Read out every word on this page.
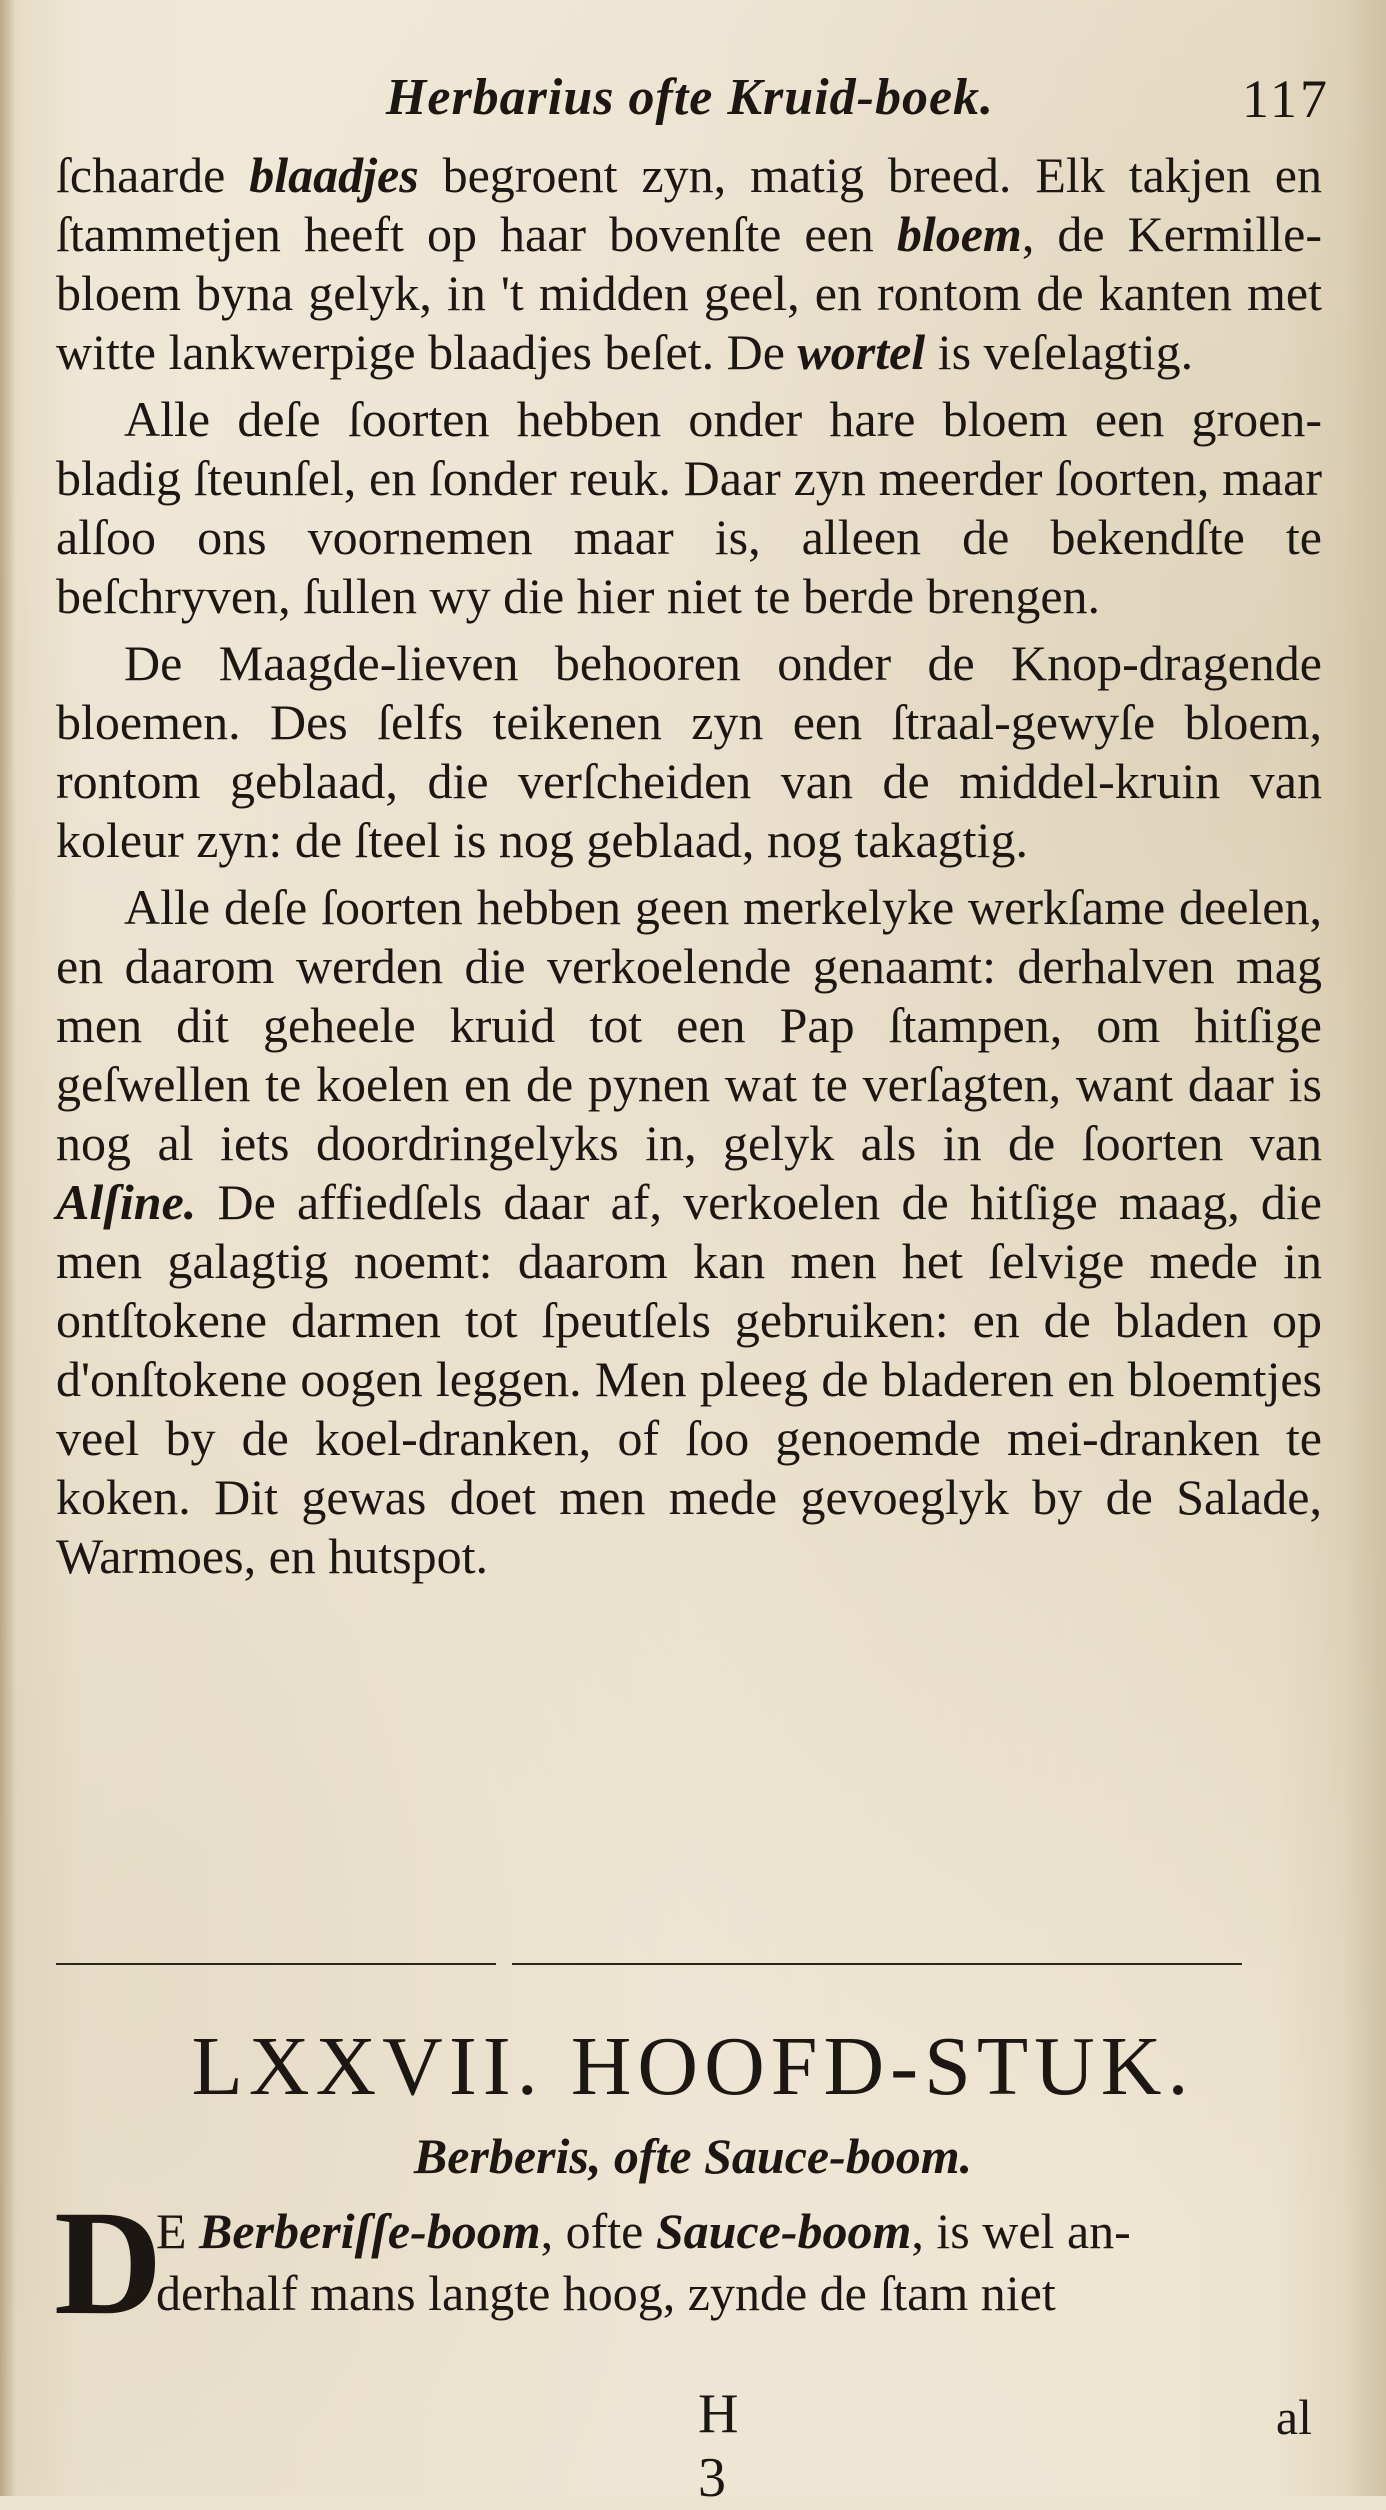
Herbarius ofte Kruid-boek.	117

ſchaarde blaadjes begroent zyn, matig breed. Elk takjen en ſtammetjen heeft op haar bovenſte een bloem, de Kermille-bloem byna gelyk, in 't midden geel, en rontom de kanten met witte lankwerpige blaadjes beſet. De wortel is veſelagtig.

Alle deſe ſoorten hebben onder hare bloem een groen-bladig ſteunſel, en ſonder reuk. Daar zyn meerder ſoorten, maar alſoo ons voornemen maar is, alleen de bekendſte te beſchryven, ſullen wy die hier niet te berde brengen.

De Maagde-lieven behooren onder de Knop-dragende bloemen. Des ſelfs teikenen zyn een ſtraal-gewyſe bloem, rontom geblaad, die verſcheiden van de middel-kruin van koleur zyn: de ſteel is nog geblaad, nog takagtig.

Alle deſe ſoorten hebben geen merkelyke werkſame deelen, en daarom werden die verkoelende genaamt: derhalven mag men dit geheele kruid tot een Pap ſtampen, om hitſige geſwellen te koelen en de pynen wat te verſagten, want daar is nog al iets doordringelyks in, gelyk als in de ſoorten van Alſine. De affiedſels daar af, verkoelen de hitſige maag, die men galagtig noemt: daarom kan men het ſelvige mede in ontſtokene darmen tot ſpeutſels gebruiken: en de bladen op d'onſtokene oogen leggen. Men pleeg de bladeren en bloemtjes veel by de koel-dranken, of ſoo genoemde mei-dranken te koken. Dit gewas doet men mede gevoeglyk by de Salade, Warmoes, en hutspot.

LXXVII. HOOFD-STUK.
Berberis, ofte Sauce-boom.
D
E Berberiſſe-boom, ofte Sauce-boom, is wel an-
derhalf mans langte hoog, zynde de ſtam niet
H 3
al
